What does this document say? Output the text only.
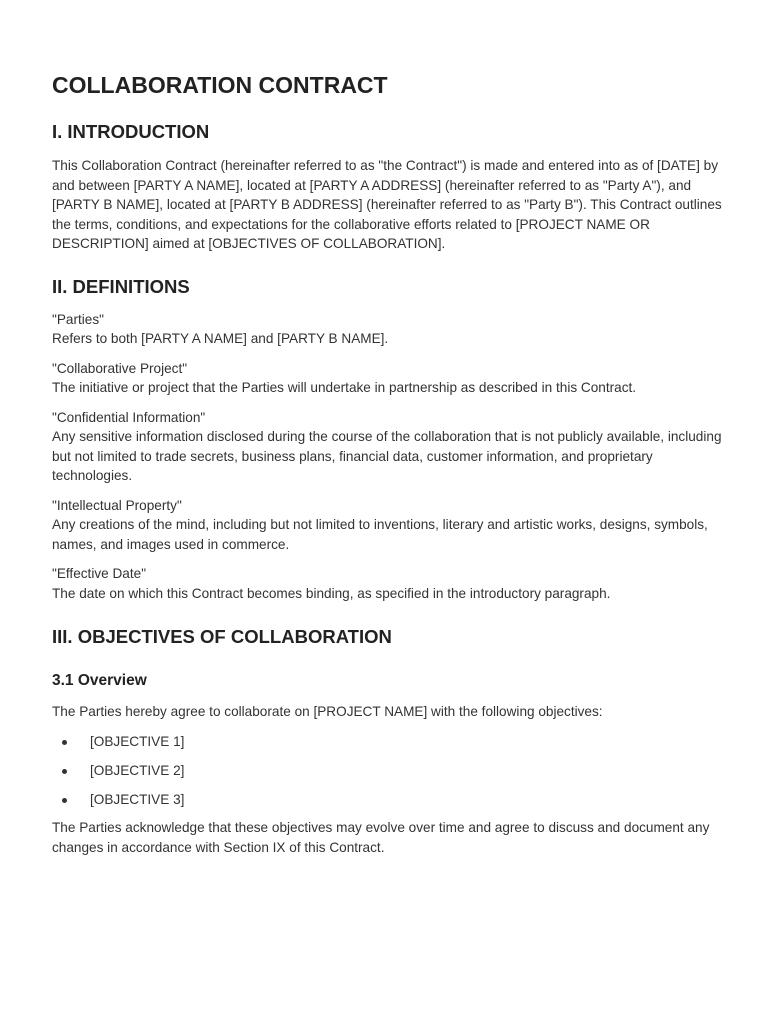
COLLABORATION CONTRACT
I. INTRODUCTION

This Collaboration Contract (hereinafter referred to as "the Contract") is made and entered into as of [DATE] by and between [PARTY A NAME], located at [PARTY A ADDRESS] (hereinafter referred to as "Party A"), and [PARTY B NAME], located at [PARTY B ADDRESS] (hereinafter referred to as "Party B"). This Contract outlines the terms, conditions, and expectations for the collaborative efforts related to [PROJECT NAME OR DESCRIPTION] aimed at [OBJECTIVES OF COLLABORATION].

II. DEFINITIONS
"Parties"
Refers to both [PARTY A NAME] and [PARTY B NAME].
"Collaborative Project"
The initiative or project that the Parties will undertake in partnership as described in this Contract.
"Confidential Information"
Any sensitive information disclosed during the course of the collaboration that is not publicly available, including but not limited to trade secrets, business plans, financial data, customer information, and proprietary technologies.
"Intellectual Property"
Any creations of the mind, including but not limited to inventions, literary and artistic works, designs, symbols, names, and images used in commerce.
"Effective Date"
The date on which this Contract becomes binding, as specified in the introductory paragraph.
III. OBJECTIVES OF COLLABORATION
3.1 Overview

The Parties hereby agree to collaborate on [PROJECT NAME] with the following objectives:

[OBJECTIVE 1]
[OBJECTIVE 2]
[OBJECTIVE 3]

The Parties acknowledge that these objectives may evolve over time and agree to discuss and document any changes in accordance with Section IX of this Contract.
